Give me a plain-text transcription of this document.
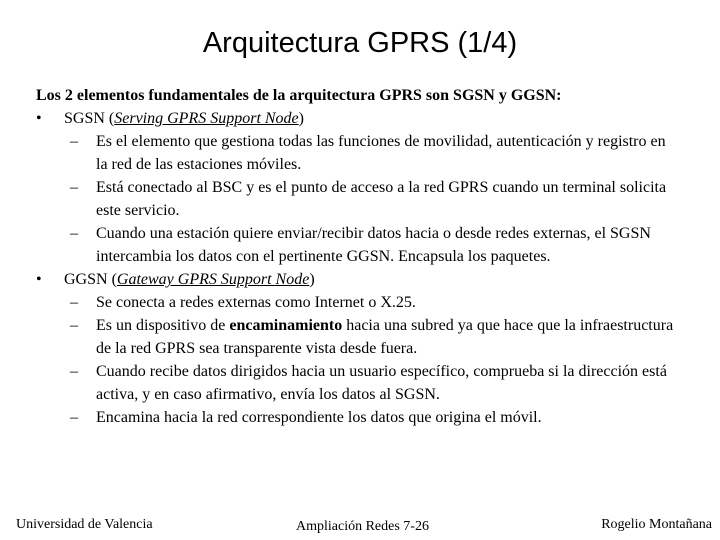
Arquitectura GPRS (1/4)

Los 2 elementos fundamentales de la arquitectura GPRS son SGSN y GGSN:

• SGSN (Serving GPRS Support Node)

– Es el elemento que gestiona todas las funciones de movilidad, autenticación y registro en la red de las estaciones móviles.

– Está conectado al BSC y es el punto de acceso a la red GPRS cuando un terminal solicita este servicio.

– Cuando una estación quiere enviar/recibir datos hacia o desde redes externas, el SGSN intercambia los datos con el pertinente GGSN. Encapsula los paquetes.

• GGSN (Gateway GPRS Support Node)

– Se conecta a redes externas como Internet o X.25.

– Es un dispositivo de encaminamiento hacia una subred ya que hace que la infraestructura de la red GPRS sea transparente vista desde fuera.

– Cuando recibe datos dirigidos hacia un usuario específico, comprueba si la dirección está activa, y en caso afirmativo, envía los datos al SGSN.

– Encamina hacia la red correspondiente los datos que origina el móvil.

Universidad de Valencia	Ampliación Redes 7-26	Rogelio Montañana
